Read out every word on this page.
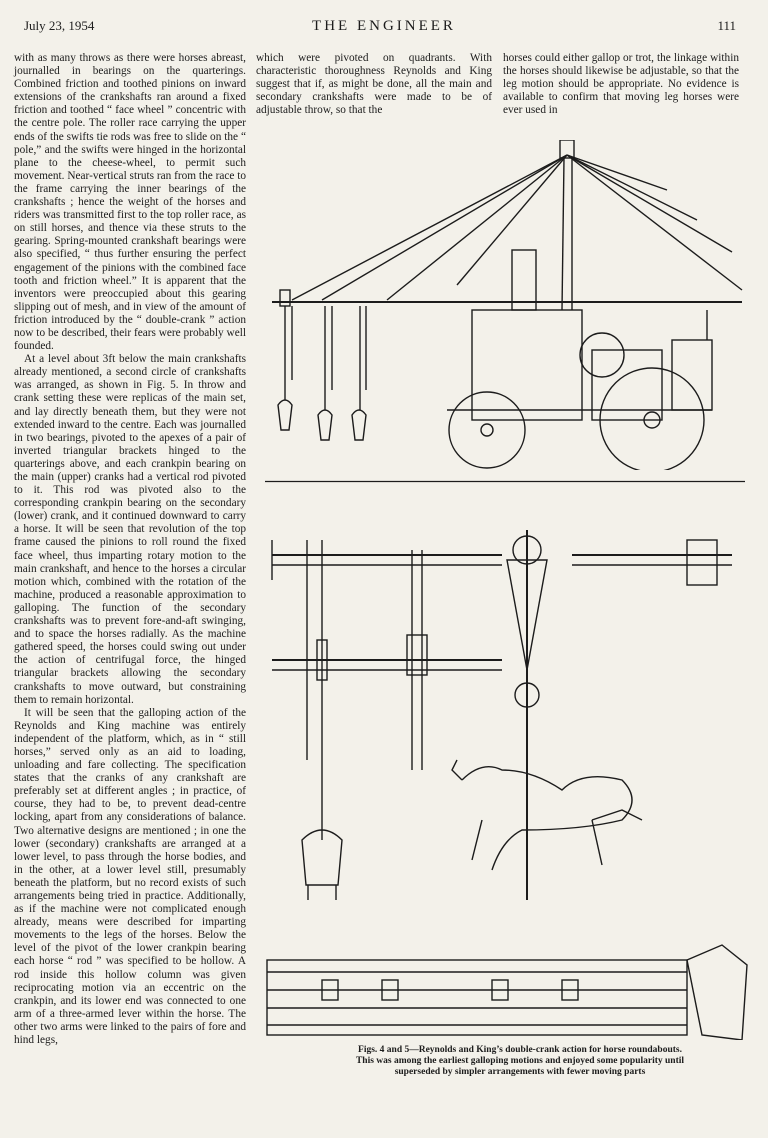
July 23, 1954	THE ENGINEER	111

with as many throws as there were horses abreast, journalled in bearings on the quarterings. Combined friction and toothed pinions on inward extensions of the crankshafts ran around a fixed friction and toothed “ face wheel ” concentric with the centre pole. The roller race carrying the upper ends of the swifts tie rods was free to slide on the “ pole,” and the swifts were hinged in the horizontal plane to the cheese-wheel, to permit such movement. Near-vertical struts ran from the race to the frame carrying the inner bearings of the crankshafts ; hence the weight of the horses and riders was transmitted first to the top roller race, as on still horses, and thence via these struts to the gearing. Spring-mounted crankshaft bearings were also specified, “ thus further ensuring the perfect engagement of the pinions with the combined face tooth and friction wheel.” It is apparent that the inventors were preoccupied about this gearing slipping out of mesh, and in view of the amount of friction introduced by the “ double-crank ” action now to be described, their fears were probably well founded.

At a level about 3ft below the main crankshafts already mentioned, a second circle of crankshafts was arranged, as shown in Fig. 5. In throw and crank setting these were replicas of the main set, and lay directly beneath them, but they were not extended inward to the centre. Each was journalled in two bearings, pivoted to the apexes of a pair of inverted triangular brackets hinged to the quarterings above, and each crankpin bearing on the main (upper) cranks had a vertical rod pivoted to it. This rod was pivoted also to the corresponding crankpin bearing on the secondary (lower) crank, and it continued downward to carry a horse. It will be seen that revolution of the top frame caused the pinions to roll round the fixed face wheel, thus imparting rotary motion to the main crankshaft, and hence to the horses a circular motion which, combined with the rotation of the machine, produced a reasonable approximation to galloping. The function of the secondary crankshafts was to prevent fore-and-aft swinging, and to space the horses radially. As the machine gathered speed, the horses could swing out under the action of centrifugal force, the hinged triangular brackets allowing the secondary crankshafts to move outward, but constraining them to remain horizontal.

It will be seen that the galloping action of the Reynolds and King machine was entirely independent of the platform, which, as in “ still horses,” served only as an aid to loading, unloading and fare collecting. The specification states that the cranks of any crankshaft are preferably set at different angles ; in practice, of course, they had to be, to prevent dead-centre locking, apart from any considerations of balance. Two alternative designs are mentioned ; in one the lower (secondary) crankshafts are arranged at a lower level, to pass through the horse bodies, and in the other, at a lower level still, presumably beneath the platform, but no record exists of such arrangements being tried in practice. Additionally, as if the machine were not complicated enough already, means were described for imparting movements to the legs of the horses. Below the level of the pivot of the lower crankpin bearing each horse “ rod ” was specified to be hollow. A rod inside this hollow column was given reciprocating motion via an eccentric on the crankpin, and its lower end was connected to one arm of a three-armed lever within the horse. The other two arms were linked to the pairs of fore and hind legs,

which were pivoted on quadrants. With characteristic thoroughness Reynolds and King suggest that if, as might be done, all the main and secondary crankshafts were made to be of adjustable throw, so that the

horses could either gallop or trot, the linkage within the horses should likewise be adjustable, so that the leg motion should be appropriate. No evidence is available to confirm that moving leg horses were ever used in

Figs. 4 and 5—Reynolds and King’s double-crank action for horse roundabouts.
This was among the earliest galloping motions and enjoyed some popularity until
superseded by simpler arrangements with fewer moving parts
